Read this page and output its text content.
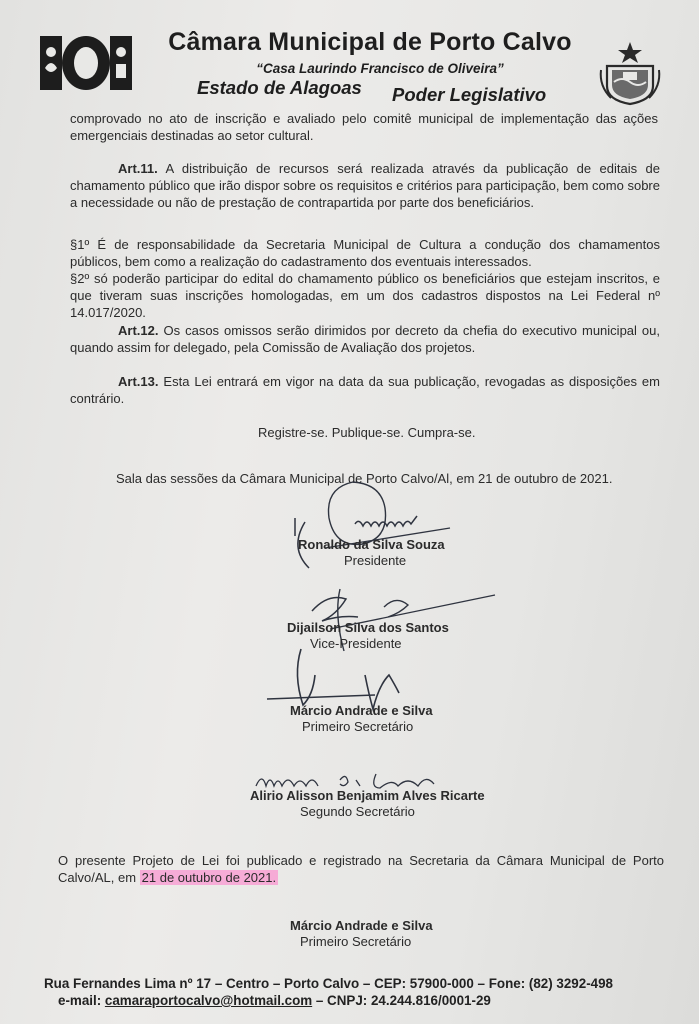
Câmara Municipal de Porto Calvo
“Casa Laurindo Francisco de Oliveira”
Estado de Alagoas Poder Legislativo

comprovado no ato de inscrição e avaliado pelo comitê municipal de implementação das ações emergenciais destinadas ao setor cultural.

Art.11. A distribuição de recursos será realizada através da publicação de editais de chamamento público que irão dispor sobre os requisitos e critérios para participação, bem como sobre a necessidade ou não de prestação de contrapartida por parte dos beneficiários.

§1º É de responsabilidade da Secretaria Municipal de Cultura a condução dos chamamentos públicos, bem como a realização do cadastramento dos eventuais interessados.

§2º só poderão participar do edital do chamamento público os beneficiários que estejam inscritos, e que tiveram suas inscrições homologadas, em um dos cadastros dispostos na Lei Federal nº 14.017/2020.

Art.12. Os casos omissos serão dirimidos por decreto da chefia do executivo municipal ou, quando assim for delegado, pela Comissão de Avaliação dos projetos.

Art.13. Esta Lei entrará em vigor na data da sua publicação, revogadas as disposições em contrário.

Registre-se. Publique-se. Cumpra-se.
Sala das sessões da Câmara Municipal de Porto Calvo/Al, em 21 de outubro de 2021.
Ronaldo da Silva Souza
Presidente
Dijailson Silva dos Santos
Vice-Presidente
Márcio Andrade e Silva
Primeiro Secretário
Alirio Alisson Benjamim Alves Ricarte
Segundo Secretário

O presente Projeto de Lei foi publicado e registrado na Secretaria da Câmara Municipal de Porto Calvo/AL, em 21 de outubro de 2021.

Márcio Andrade e Silva
Primeiro Secretário
Rua Fernandes Lima nº 17 – Centro – Porto Calvo – CEP: 57900-000 – Fone: (82) 3292-498
e-mail: camaraportocalvo@hotmail.com – CNPJ: 24.244.816/0001-29
